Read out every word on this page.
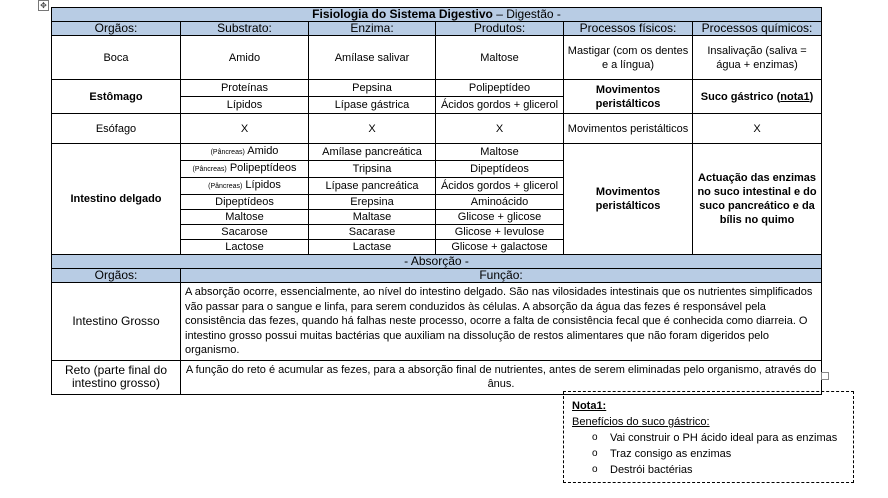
✥
Fisiologia do Sistema Digestivo – Digestão -					
Orgãos:	Substrato:	Enzima:	Produtos:	Processos físicos:	Processos químicos:
Boca	Amido	Amílase salivar	Maltose	Mastigar (com os dentes e a língua)	Insalivação (saliva = água + enzimas)
Estômago	Proteínas	Pepsina	Polipeptídeo	Movimentos peristálticos	Suco gástrico (nota1)
	Lípidos	Lípase gástrica	Ácidos gordos + glicerol		
Esófago	X	X	X	Movimentos peristálticos	X
Intestino delgado	(Pâncreas) Amido	Amílase pancreática	Maltose	Movimentos peristálticos	Actuação das enzimas no suco intestinal e do suco pancreático e da bílis no quimo
	(Pâncreas) Polipeptídeos	Tripsina	Dipeptídeos		
	(Pâncreas) Lípidos	Lípase pancreática	Ácidos gordos + glicerol		
	Dipeptídeos	Erepsina	Aminoácido		
	Maltose	Maltase	Glicose + glicose		
	Sacarose	Sacarase	Glicose + levulose		
	Lactose	Lactase	Glicose + galactose		
- Absorção -					
Orgãos:	Função:				
Intestino Grosso	A absorção ocorre, essencialmente, ao nível do intestino delgado. São nas vilosidades intestinais que os nutrientes simplificados vão passar para o sangue e linfa, para serem conduzidos às células. A absorção da água das fezes é responsável pela consistência das fezes, quando há falhas neste processo, ocorre a falta de consistência fecal que é conhecida como diarreia. O intestino grosso possui muitas bactérias que auxiliam na dissolução de restos alimentares que não foram digeridos pelo organismo.				
Reto (parte final do intestino grosso)	A função do reto é acumular as fezes, para a absorção final de nutrientes, antes de serem eliminadas pelo organismo, através do ânus.				
Nota1:
Benefícios do suco gástrico:
o Vai construir o PH ácido ideal para as enzimas
o Traz consigo as enzimas
o Destrói bactérias
